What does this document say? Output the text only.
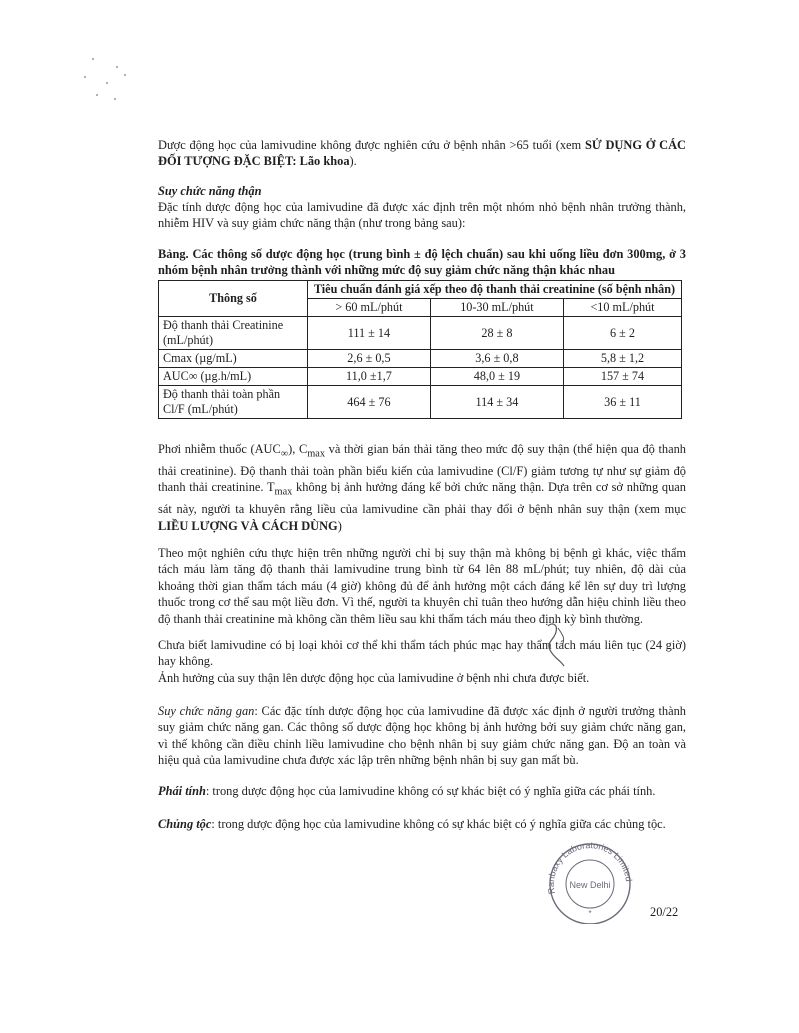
Dược động học của lamivudine không được nghiên cứu ở bệnh nhân >65 tuổi (xem SỬ DỤNG Ở CÁC ĐỐI TƯỢNG ĐẶC BIỆT: Lão khoa).

Suy chức năng thận

Đặc tính dược động học của lamivudine đã được xác định trên một nhóm nhỏ bệnh nhân trưởng thành, nhiễm HIV và suy giảm chức năng thận (như trong bảng sau):

Bảng. Các thông số dược động học (trung bình ± độ lệch chuẩn) sau khi uống liều đơn 300mg, ở 3 nhóm bệnh nhân trưởng thành với những mức độ suy giảm chức năng thận khác nhau

Thông số	Tiêu chuẩn đánh giá xếp theo độ thanh thải creatinine (số bệnh nhân)		
	> 60 mL/phút	10-30 mL/phút	<10 mL/phút
Độ thanh thải Creatinine (mL/phút)	111 ± 14	28 ± 8	6 ± 2
Cmax (µg/mL)	2,6 ± 0,5	3,6 ± 0,8	5,8 ± 1,2
AUC∞ (µg.h/mL)	11,0 ±1,7	48,0 ± 19	157 ± 74
Độ thanh thải toàn phần Cl/F (mL/phút)	464 ± 76	114 ± 34	36 ± 11

Phơi nhiễm thuốc $(AUC_\infty)$, $C_{max}$ và thời gian bán thải tăng theo mức độ suy thận (thể hiện qua độ thanh thải creatinine). Độ thanh thải toàn phần biểu kiến của lamivudine (Cl/F) giảm tương tự như sự giảm độ thanh thải creatinine. $T_{max}$ không bị ảnh hưởng đáng kể bởi chức năng thận. Dựa trên cơ sở những quan sát này, người ta khuyên rằng liều của lamivudine cần phải thay đổi ở bệnh nhân suy thận (xem mục LIỀU LƯỢNG VÀ CÁCH DÙNG)

Theo một nghiên cứu thực hiện trên những người chỉ bị suy thận mà không bị bệnh gì khác, việc thẩm tách máu làm tăng độ thanh thải lamivudine trung bình từ 64 lên 88 mL/phút; tuy nhiên, độ dài của khoảng thời gian thẩm tách máu (4 giờ) không đủ để ảnh hưởng một cách đáng kể lên sự duy trì lượng thuốc trong cơ thể sau một liều đơn. Vì thế, người ta khuyên chỉ tuân theo hướng dẫn hiệu chỉnh liều theo độ thanh thải creatinine mà không cần thêm liều sau khi thẩm tách máu theo định kỳ bình thường.

Chưa biết lamivudine có bị loại khỏi cơ thể khi thẩm tách phúc mạc hay thẩm tách máu liên tục (24 giờ) hay không.

Ảnh hưởng của suy thận lên dược động học của lamivudine ở bệnh nhi chưa được biết.

Suy chức năng gan: Các đặc tính dược động học của lamivudine đã được xác định ở người trưởng thành suy giảm chức năng gan. Các thông số dược động học không bị ảnh hưởng bởi suy giảm chức năng gan, vì thế không cần điều chỉnh liều lamivudine cho bệnh nhân bị suy giảm chức năng gan. Độ an toàn và hiệu quả của lamivudine chưa được xác lập trên những bệnh nhân bị suy gan mất bù.

Phái tính: trong dược động học của lamivudine không có sự khác biệt có ý nghĩa giữa các phái tính.

Chủng tộc: trong dược động học của lamivudine không có sự khác biệt có ý nghĩa giữa các chủng tộc.

Ranbaxy Laboratories Limited
New Delhi
*	20/22
